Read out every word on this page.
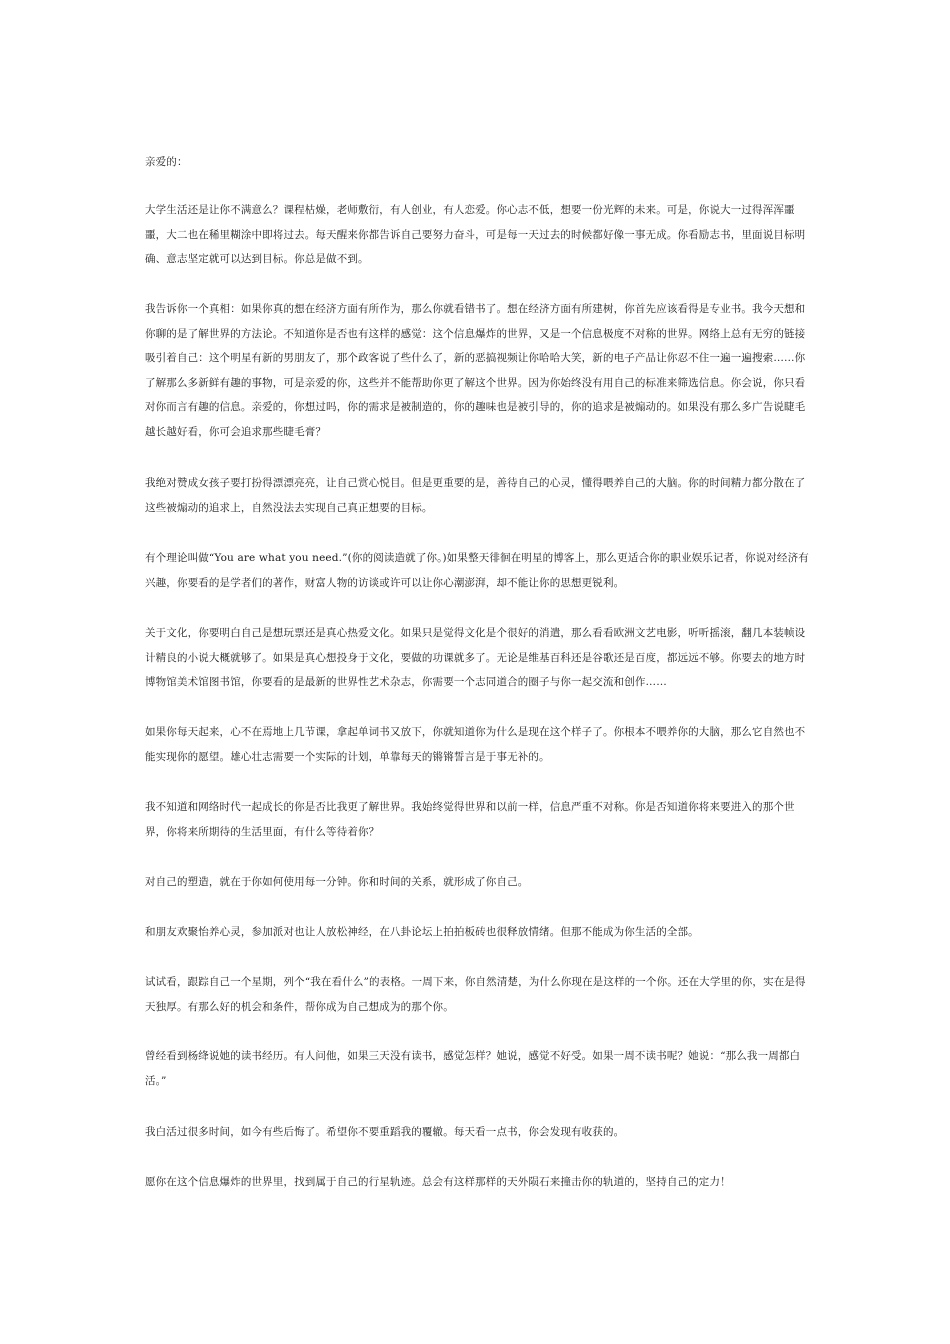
亲爱的：

大学生活还是让你不满意么？课程枯燥，老师敷衍，有人创业，有人恋爱。你心志不低，想要一份光辉的未来。可是，你说大一过得浑浑噩噩，大二也在稀里糊涂中即将过去。每天醒来你都告诉自己要努力奋斗，可是每一天过去的时候都好像一事无成。你看励志书，里面说目标明确、意志坚定就可以达到目标。你总是做不到。

我告诉你一个真相：如果你真的想在经济方面有所作为，那么你就看错书了。想在经济方面有所建树，你首先应该看得是专业书。我今天想和你聊的是了解世界的方法论。不知道你是否也有这样的感觉：这个信息爆炸的世界，又是一个信息极度不对称的世界。网络上总有无穷的链接吸引着自己：这个明星有新的男朋友了，那个政客说了些什么了，新的恶搞视频让你哈哈大笑，新的电子产品让你忍不住一遍一遍搜索……你了解那么多新鲜有趣的事物，可是亲爱的你，这些并不能帮助你更了解这个世界。因为你始终没有用自己的标准来筛选信息。你会说，你只看对你而言有趣的信息。亲爱的，你想过吗，你的需求是被制造的，你的趣味也是被引导的，你的追求是被煽动的。如果没有那么多广告说睫毛越长越好看，你可会追求那些睫毛膏？

我绝对赞成女孩子要打扮得漂漂亮亮，让自己赏心悦目。但是更重要的是，善待自己的心灵，懂得喂养自己的大脑。你的时间精力都分散在了这些被煽动的追求上，自然没法去实现自己真正想要的目标。

有个理论叫做“You are what you need.”(你的阅读造就了你。)如果整天徘徊在明星的博客上，那么更适合你的职业娱乐记者，你说对经济有兴趣，你要看的是学者们的著作，财富人物的访谈或许可以让你心潮澎湃，却不能让你的思想更锐利。

关于文化，你要明白自己是想玩票还是真心热爱文化。如果只是觉得文化是个很好的消遣，那么看看欧洲文艺电影，听听摇滚，翻几本装帧设计精良的小说大概就够了。如果是真心想投身于文化，要做的功课就多了。无论是维基百科还是谷歌还是百度，都远远不够。你要去的地方时博物馆美术馆图书馆，你要看的是最新的世界性艺术杂志，你需要一个志同道合的圈子与你一起交流和创作……

如果你每天起来，心不在焉地上几节课，拿起单词书又放下，你就知道你为什么是现在这个样子了。你根本不喂养你的大脑，那么它自然也不能实现你的愿望。雄心壮志需要一个实际的计划，单靠每天的锵锵誓言是于事无补的。

我不知道和网络时代一起成长的你是否比我更了解世界。我始终觉得世界和以前一样，信息严重不对称。你是否知道你将来要进入的那个世界，你将来所期待的生活里面，有什么等待着你？

对自己的塑造，就在于你如何使用每一分钟。你和时间的关系，就形成了你自己。

和朋友欢聚怡养心灵，参加派对也让人放松神经，在八卦论坛上拍拍板砖也很释放情绪。但那不能成为你生活的全部。

试试看，跟踪自己一个星期，列个“我在看什么”的表格。一周下来，你自然清楚，为什么你现在是这样的一个你。还在大学里的你，实在是得天独厚。有那么好的机会和条件，帮你成为自己想成为的那个你。

曾经看到杨绛说她的读书经历。有人问他，如果三天没有读书，感觉怎样？她说，感觉不好受。如果一周不读书呢？她说：“那么我一周都白活。”

我白活过很多时间，如今有些后悔了。希望你不要重蹈我的覆辙。每天看一点书，你会发现有收获的。

愿你在这个信息爆炸的世界里，找到属于自己的行星轨迹。总会有这样那样的天外陨石来撞击你的轨道的，坚持自己的定力！
